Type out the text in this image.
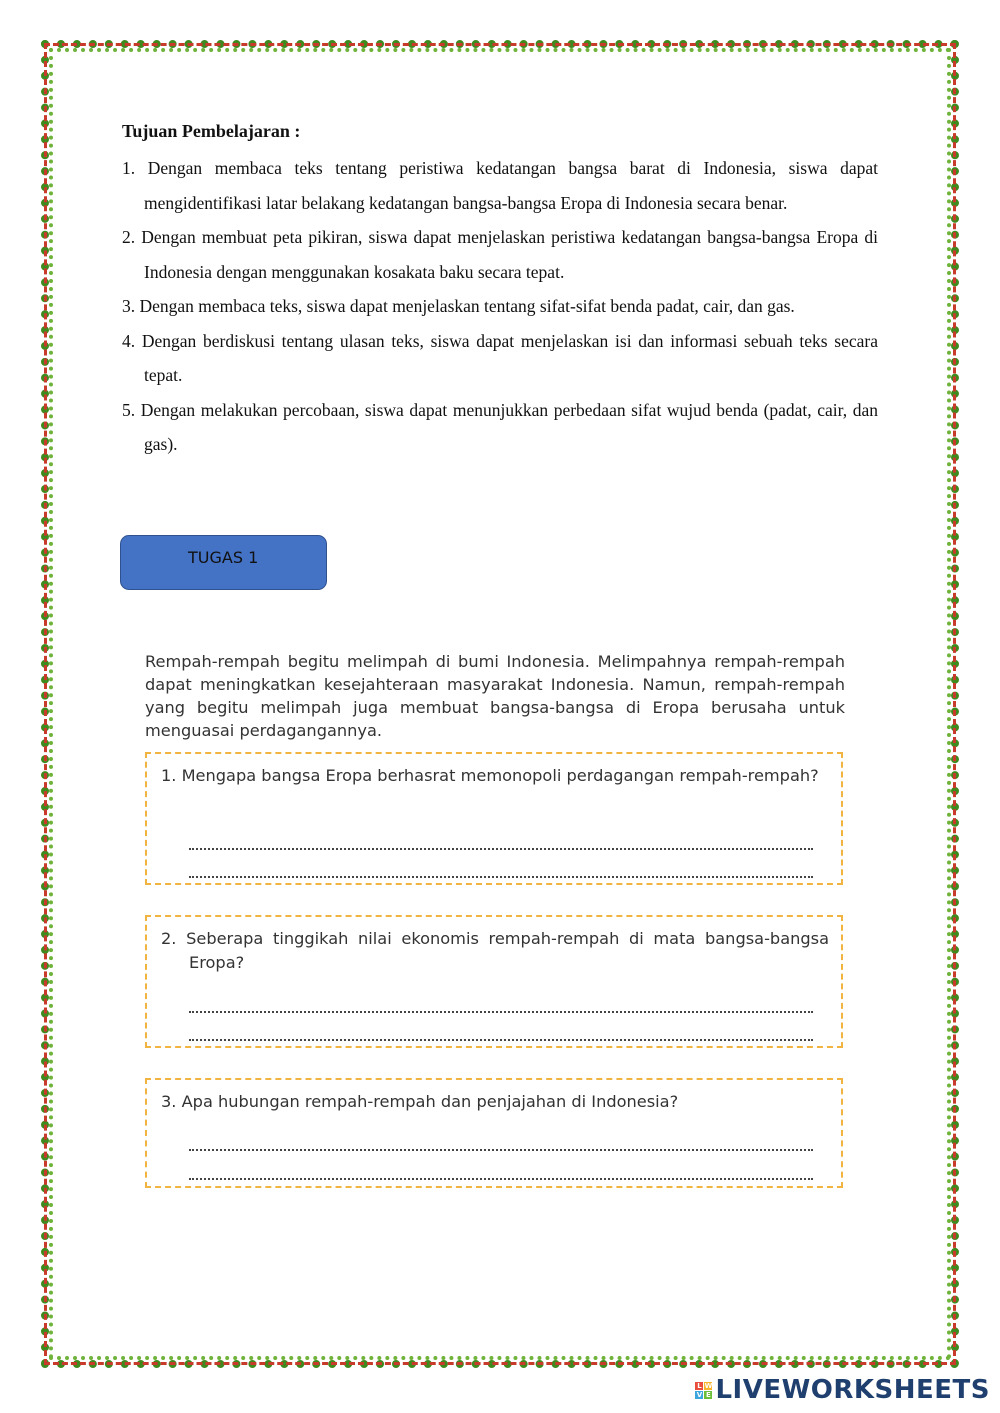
Tujuan Pembelajaran :
1. Dengan membaca teks tentang peristiwa kedatangan bangsa barat di Indonesia, siswa dapat mengidentifikasi latar belakang kedatangan bangsa-bangsa Eropa di Indonesia secara benar.
2. Dengan membuat peta pikiran, siswa dapat menjelaskan peristiwa kedatangan bangsa-bangsa Eropa di Indonesia dengan menggunakan kosakata baku secara tepat.
3. Dengan membaca teks, siswa dapat menjelaskan tentang sifat-sifat benda padat, cair, dan gas.
4. Dengan berdiskusi tentang ulasan teks, siswa dapat menjelaskan isi dan informasi sebuah teks secara tepat.
5. Dengan melakukan percobaan, siswa dapat menunjukkan perbedaan sifat wujud benda (padat, cair, dan gas).
TUGAS 1
Rempah-rempah begitu melimpah di bumi Indonesia. Melimpahnya rempah-rempah dapat meningkatkan kesejahteraan masyarakat Indonesia. Namun, rempah-rempah yang begitu melimpah juga membuat bangsa-bangsa di Eropa berusaha untuk menguasai perdagangannya.
1. Mengapa bangsa Eropa berhasrat memonopoli perdagangan rempah-rempah?
2. Seberapa tinggikah nilai ekonomis rempah-rempah di mata bangsa-bangsa Eropa?
3. Apa hubungan rempah-rempah dan penjajahan di Indonesia?
L W
V E LIVEWORKSHEETS
